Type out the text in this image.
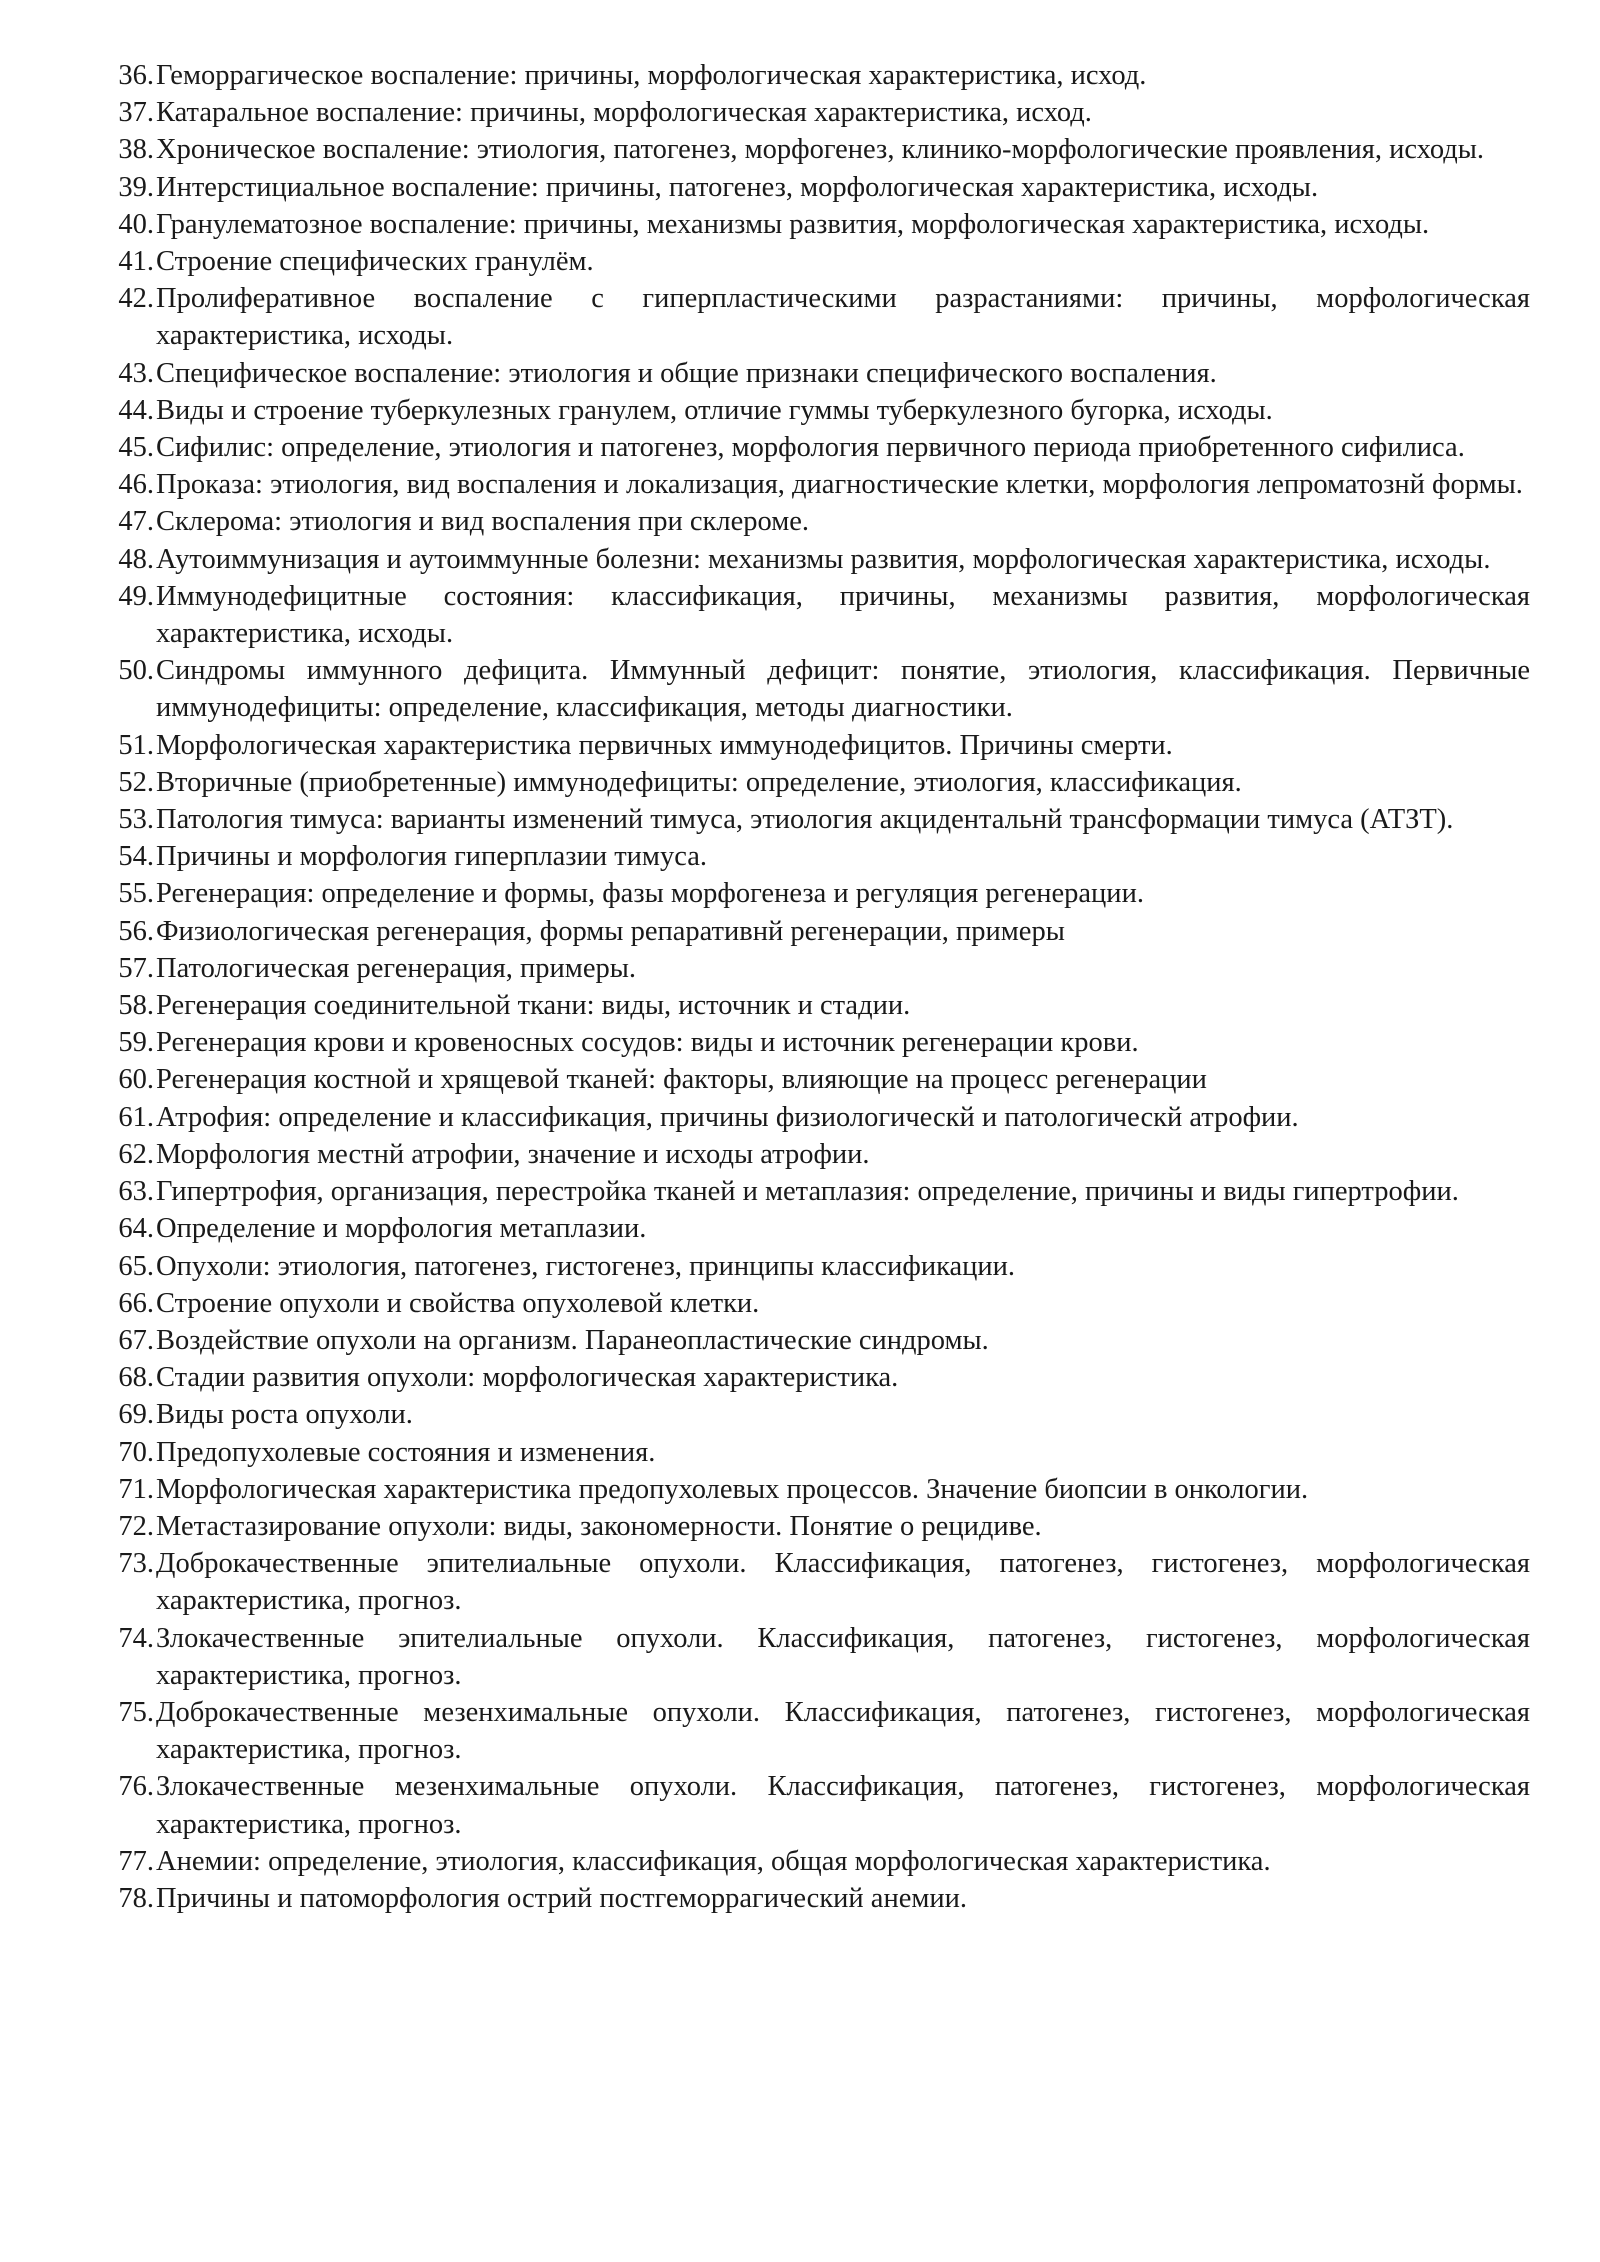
36. Геморрагическое воспаление: причины, морфологическая характеристика, исход.
37. Катаральное воспаление: причины, морфологическая характеристика, исход.
38. Хроническое воспаление: этиология, патогенез, морфогенез, клинико-морфологические проявления, исходы.
39. Интерстициальное воспаление: причины, патогенез, морфологическая характеристика, исходы.
40. Гранулематозное воспаление: причины, механизмы развития, морфологическая характеристика, исходы.
41. Строение специфических гранулём.
42. Пролиферативное воспаление с гиперпластическими разрастаниями: причины, морфологическая характеристика, исходы.
43. Специфическое воспаление: этиология и общие признаки специфического воспаления.
44. Виды и строение туберкулезных гранулем, отличие гуммы туберкулезного бугорка, исходы.
45. Сифилис: определение, этиология и патогенез, морфология первичного периода приобретенного сифилиса.
46. Проказа: этиология, вид воспаления и локализация, диагностические клетки, морфология лепроматознй формы.
47. Склерома: этиология и вид воспаления при склероме.
48. Аутоиммунизация и аутоиммунные болезни: механизмы развития, морфологическая характеристика, исходы.
49. Иммунодефицитные состояния: классификация, причины, механизмы развития, морфологическая характеристика, исходы.
50. Синдромы иммунного дефицита. Иммунный дефицит: понятие, этиология, классификация. Первичные иммунодефициты: определение, классификация, методы диагностики.
51. Морфологическая характеристика первичных иммунодефицитов. Причины смерти.
52. Вторичные (приобретенные) иммунодефициты: определение, этиология, классификация.
53. Патология тимуса: варианты изменений тимуса, этиология акцидентальнй трансформации тимуса (АТЗТ).
54. Причины и морфология гиперплазии тимуса.
55. Регенерация: определение и формы, фазы морфогенеза и регуляция регенерации.
56. Физиологическая регенерация, формы репаративнй регенерации, примеры
57. Патологическая регенерация, примеры.
58. Регенерация соединительной ткани: виды, источник и стадии.
59. Регенерация крови и кровеносных сосудов: виды и источник регенерации крови.
60. Регенерация костной и хрящевой тканей: факторы, влияющие на процесс регенерации
61. Атрофия: определение и классификация, причины физиологическй и патологическй атрофии.
62. Морфология местнй атрофии, значение и исходы атрофии.
63. Гипертрофия, организация, перестройка тканей и метаплазия: определение, причины и виды гипертрофии.
64. Определение и морфология метаплазии.
65. Опухоли: этиология, патогенез, гистогенез, принципы классификации.
66. Строение опухоли и свойства опухолевой клетки.
67. Воздействие опухоли на организм. Паранеопластические синдромы.
68. Стадии развития опухоли: морфологическая характеристика.
69. Виды роста опухоли.
70. Предопухолевые состояния и изменения.
71. Морфологическая характеристика предопухолевых процессов. Значение биопсии в онкологии.
72. Метастазирование опухоли: виды, закономерности. Понятие о рецидиве.
73. Доброкачественные эпителиальные опухоли. Классификация, патогенез, гистогенез, морфологическая характеристика, прогноз.
74. Злокачественные эпителиальные опухоли. Классификация, патогенез, гистогенез, морфологическая характеристика, прогноз.
75. Доброкачественные мезенхимальные опухоли. Классификация, патогенез, гистогенез, морфологическая характеристика, прогноз.
76. Злокачественные мезенхимальные опухоли. Классификация, патогенез, гистогенез, морфологическая характеристика, прогноз.
77. Анемии: определение, этиология, классификация, общая морфологическая характеристика.
78. Причины и патоморфология острий постгеморрагический анемии.
